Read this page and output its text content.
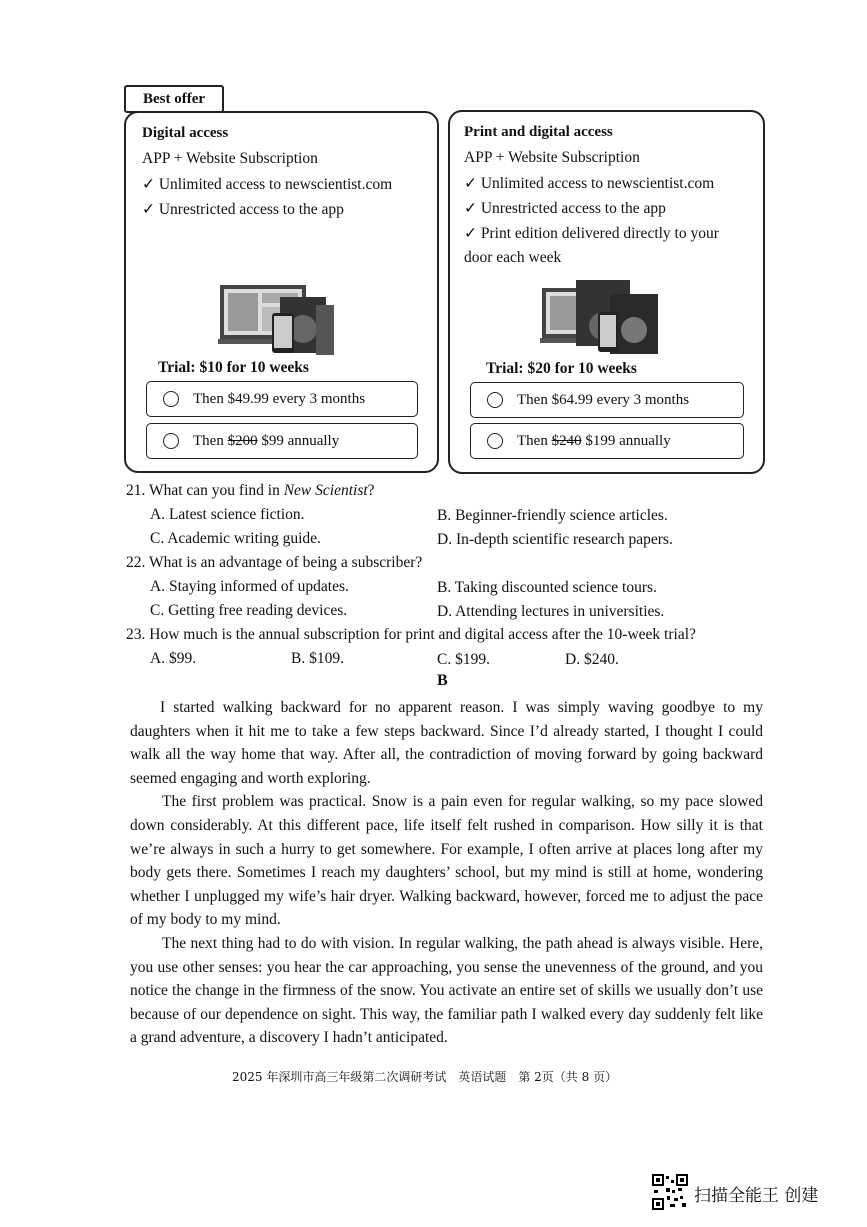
Best offer
Digital access
APP + Website Subscription
✓ Unlimited access to newscientist.com
✓ Unrestricted access to the app
Trial: $10 for 10 weeks
Then $49.99 every 3 months
Then $200 $99 annually
Print and digital access
APP + Website Subscription
✓ Unlimited access to newscientist.com
✓ Unrestricted access to the app
✓ Print edition delivered directly to your
door each week
Trial: $20 for 10 weeks
Then $64.99 every 3 months
Then $240 $199 annually
21. What can you find in New Scientist?
A. Latest science fiction.	B. Beginner-friendly science articles.
C. Academic writing guide.	D. In-depth scientific research papers.
22. What is an advantage of being a subscriber?
A. Staying informed of updates.	B. Taking discounted science tours.
C. Getting free reading devices.	D. Attending lectures in universities.
23. How much is the annual subscription for print and digital access after the 10-week trial?
A. $99.	B. $109.	C. $199.	D. $240.
B

I started walking backward for no apparent reason. I was simply waving goodbye to my daughters when it hit me to take a few steps backward. Since I’d already started, I thought I could walk all the way home that way. After all, the contradiction of moving forward by going backward seemed engaging and worth exploring.

The first problem was practical. Snow is a pain even for regular walking, so my pace slowed down considerably. At this different pace, life itself felt rushed in comparison. How silly it is that we’re always in such a hurry to get somewhere. For example, I often arrive at places long after my body gets there. Sometimes I reach my daughters’ school, but my mind is still at home, wondering whether I unplugged my wife’s hair dryer. Walking backward, however, forced me to adjust the pace of my body to my mind.

The next thing had to do with vision. In regular walking, the path ahead is always visible. Here, you use other senses: you hear the car approaching, you sense the unevenness of the ground, and you notice the change in the firmness of the snow. You activate an entire set of skills we usually don’t use because of our dependence on sight. This way, the familiar path I walked every day suddenly felt like a grand adventure, a discovery I hadn’t anticipated.

2025 年深圳市高三年级第二次调研考试　英语试题　第 2页（共 8 页）
扫描全能王 创建
